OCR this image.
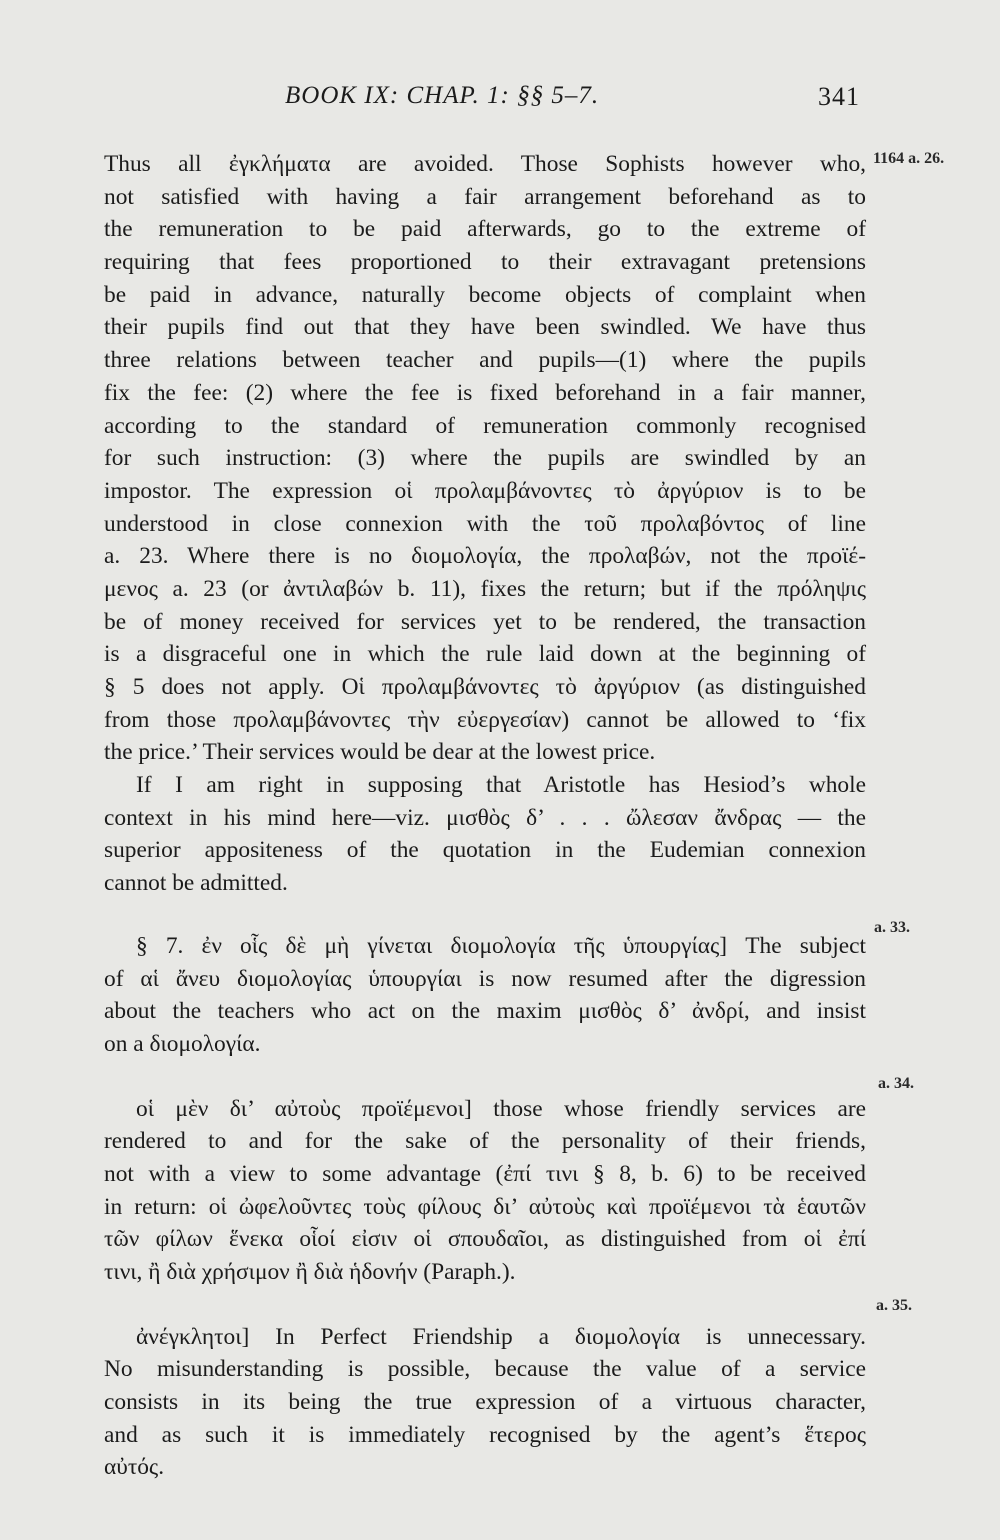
BOOK IX: CHAP. 1: §§ 5–7.	341
1164 a. 26.
a. 33.
a. 34.
a. 35.
Thus all ἐγκλήματα are avoided. Those Sophists however who,
not satisfied with having a fair arrangement beforehand as to
the remuneration to be paid afterwards, go to the extreme of
requiring that fees proportioned to their extravagant pretensions
be paid in advance, naturally become objects of complaint when
their pupils find out that they have been swindled. We have thus
three relations between teacher and pupils—(1) where the pupils
fix the fee: (2) where the fee is fixed beforehand in a fair manner,
according to the standard of remuneration commonly recognised
for such instruction: (3) where the pupils are swindled by an
impostor. The expression οἱ προλαμβάνοντες τὸ ἀργύριον is to be
understood in close connexion with the τοῦ προλαβόντος of line
a. 23. Where there is no διομολογία, the προλαβών, not the προϊέ-
μενος a. 23 (or ἀντιλαβών b. 11), fixes the return; but if the πρόληψις
be of money received for services yet to be rendered, the transaction
is a disgraceful one in which the rule laid down at the beginning of
§ 5 does not apply. Οἱ προλαμβάνοντες τὸ ἀργύριον (as distinguished
from those προλαμβάνοντες τὴν εὐεργεσίαν) cannot be allowed to ‘fix
the price.’ Their services would be dear at the lowest price.
If I am right in supposing that Aristotle has Hesiod’s whole
context in his mind here—viz. μισθὸς δ’ . . . ὤλεσαν ἄνδρας — the
superior appositeness of the quotation in the Eudemian connexion
cannot be admitted.
§ 7. ἐν οἷς δὲ μὴ γίνεται διομολογία τῆς ὑπουργίας] The subject
of αἱ ἄνευ διομολογίας ὑπουργίαι is now resumed after the digression
about the teachers who act on the maxim μισθὸς δ’ ἀνδρί, and insist
on a διομολογία.
οἱ μὲν δι’ αὐτοὺς προϊέμενοι] those whose friendly services are
rendered to and for the sake of the personality of their friends,
not with a view to some advantage (ἐπί τινι § 8, b. 6) to be received
in return: οἱ ὠφελοῦντες τοὺς φίλους δι’ αὐτοὺς καὶ προϊέμενοι τὰ ἑαυτῶν
τῶν φίλων ἕνεκα οἷοί εἰσιν οἱ σπουδαῖοι, as distinguished from οἱ ἐπί
τινι, ἢ διὰ χρήσιμον ἢ διὰ ἡδονήν (Paraph.).
ἀνέγκλητοι] In Perfect Friendship a διομολογία is unnecessary.
No misunderstanding is possible, because the value of a service
consists in its being the true expression of a virtuous character,
and as such it is immediately recognised by the agent’s ἕτερος
αὐτός.
